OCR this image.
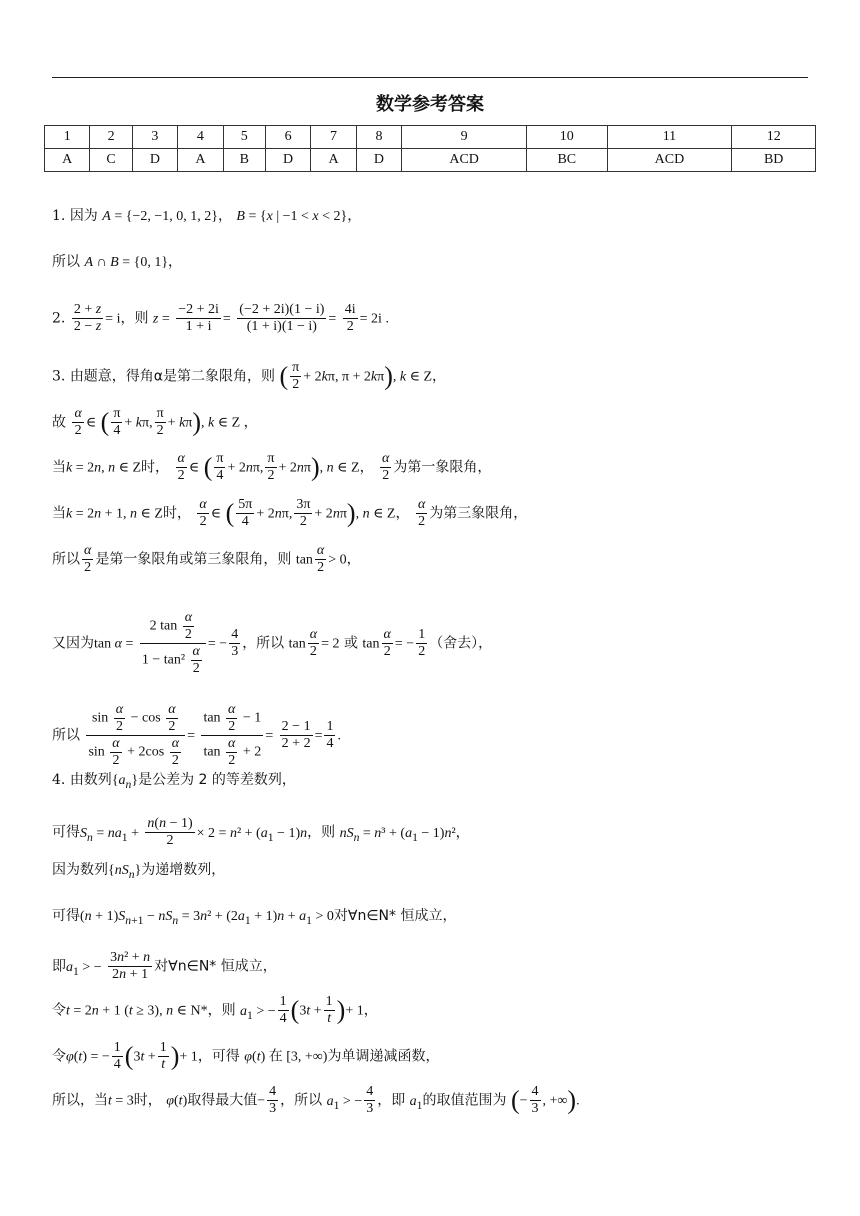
数学参考答案
1	2	3	4	5	6	7	8	9	10	11	12
A	C	D	A	B	D	A	D	ACD	BC	ACD	BD
1. 因为 A = {−2, −1, 0, 1, 2}， B = {x | −1 < x < 2}，
所以 A ∩ B = {0, 1}，
2. $\frac{2 + z}{2 - z} = i$，则 $z = \frac{-2 + 2i}{1 + i} = \frac{(-2 + 2i)(1 - i)}{(1 + i)(1 - i)} = \frac{4i}{2} = 2i$ .
3. 由题意，得角α是第二象限角，则 ( $\frac{\pi}{2} + 2k\pi$, π + 2kπ), k ∈ Z，
故 $\frac{\alpha}{2}$ ∈ ( $\frac{\pi}{4} + k\pi$, $\frac{\pi}{2} + k\pi$), k ∈ Z ，
当k = 2n, n ∈ Z时， $\frac{\alpha}{2}$ ∈ ( $\frac{\pi}{4} + 2n\pi$, $\frac{\pi}{2} + 2n\pi$), n ∈ Z， $\frac{\alpha}{2}$ 为第一象限角，
当k = 2n + 1, n ∈ Z时， $\frac{\alpha}{2}$ ∈ ( $\frac{5\pi}{4} + 2n\pi$, $\frac{3\pi}{2} + 2n\pi$), n ∈ Z， $\frac{\alpha}{2}$ 为第三象限角，
所以 $\frac{\alpha}{2}$ 是第一象限角或第三象限角，则 $\tan \frac{\alpha}{2} > 0$，
又因为$\tan \alpha = \frac{2 \tan \frac{\alpha}{2}}{1 - \tan^2 \frac{\alpha}{2}}$ = − $\frac{4}{3}$ ，所以 $\tan \frac{\alpha}{2} = 2$ 或 $\tan \frac{\alpha}{2}$ = − $\frac{1}{2}$ （舍去），
所以 $\frac{\sin \frac{\alpha}{2} - \cos \frac{\alpha}{2}}{\sin \frac{\alpha}{2} + 2\cos \frac{\alpha}{2}} = \frac{\tan \frac{\alpha}{2} - 1}{\tan \frac{\alpha}{2} + 2} = \frac{2 - 1}{2 + 2} = \frac{1}{4}$ .
4. 由数列$\{a_n\}$是公差为 2 的等差数列，
可得$S_n = na_1 + \frac{n(n - 1)}{2} \times 2 = n^2 + (a_1 - 1)n$，则 $nS_n = n^3 + (a_1 - 1)n^2$，
因为数列$\{nS_n\}$为递增数列，
可得$(n + 1)S_{n+1} - nS_n = 3n^2 + (2a_1 + 1)n + a_1 > 0$对∀n∈N* 恒成立，
即$a_1$ > − $\frac{\text{3n² + n}}{2n + 1}$ 对∀n∈N* 恒成立，
令t = 2n + 1 (t ≥ 3), n ∈ N*，则 $a_1$ > − $\frac{1}{4} (3t + \frac{1}{t}$ )+ 1，
令φ(t) = − $\frac{1}{4} (3t + \frac{1}{t}$ )+ 1，可得 φ(t) 在 [3, +∞)为单调递减函数，
所以，当t = 3时， φ(t)取得最大值− $\frac{4}{3}$ ，所以 $a_1$ > − $\frac{4}{3}$ ，即 $a_1$的取值范围为 (− $\frac{4}{3}$ , +∞).
